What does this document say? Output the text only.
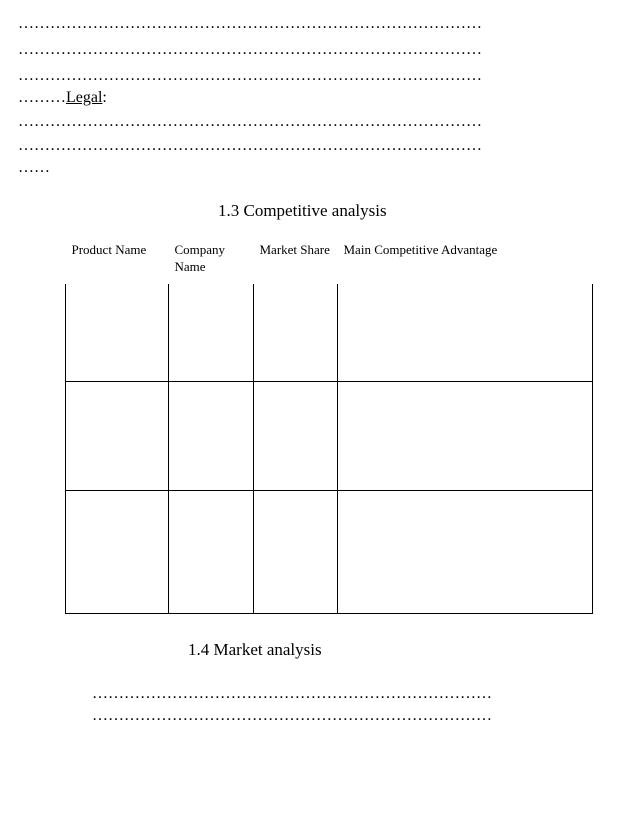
……………………………………………………………………………
……………………………………………………………………………
……………………………………………………………………………
………Legal:
……………………………………………………………………………
……………………………………………………………………………
……
1.3 Competitive analysis
Product Name	Company Name	Market Share	Main Competitive Advantage

1.4 Market analysis
…………………………………………………………………
…………………………………………………………………
